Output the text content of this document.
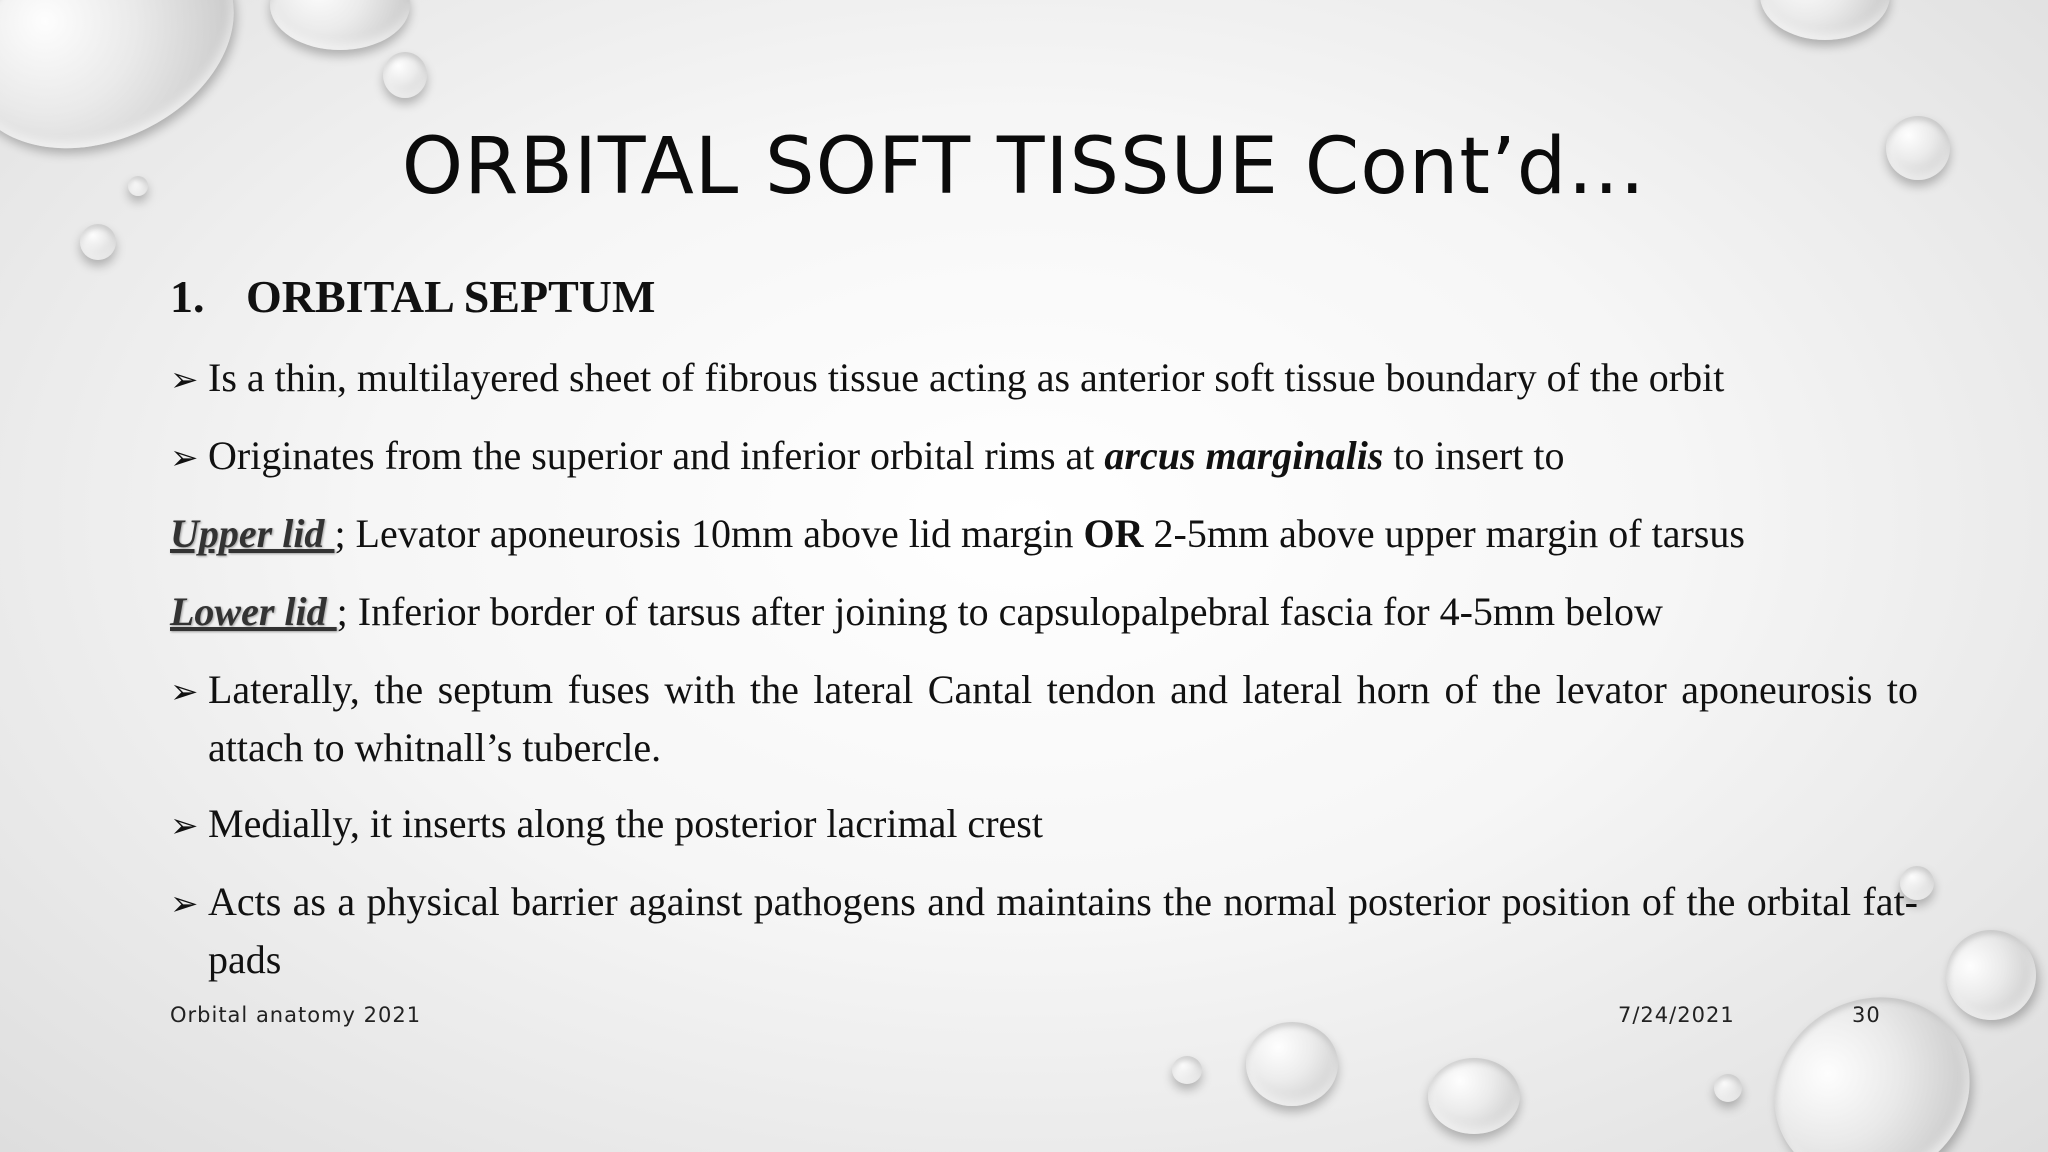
ORBITAL SOFT TISSUE Cont’d…
1. ORBITAL SEPTUM
➢ Is a thin, multilayered sheet of fibrous tissue acting as anterior soft tissue boundary of the orbit
➢ Originates from the superior and inferior orbital rims at arcus marginalis to insert to
Upper lid ; Levator aponeurosis 10mm above lid margin OR 2-5mm above upper margin of tarsus
Lower lid ; Inferior border of tarsus after joining to capsulopalpebral fascia for 4-5mm below
➢ Laterally, the septum fuses with the lateral Cantal tendon and lateral horn of the levator aponeurosis to attach to whitnall’s tubercle.
➢ Medially, it inserts along the posterior lacrimal crest
➢ Acts as a physical barrier against pathogens and maintains the normal posterior position of the orbital fat-pads
Orbital anatomy 2021	7/24/2021	30
